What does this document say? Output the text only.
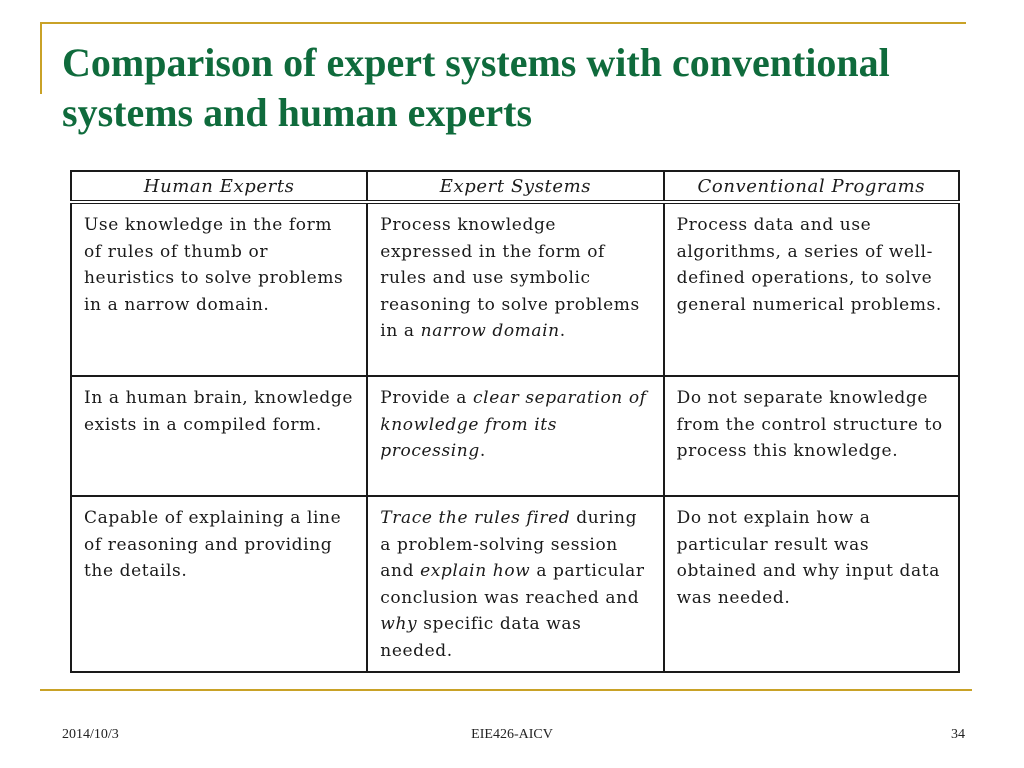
Comparison of expert systems with conventional systems and human experts
Human Experts	Expert Systems	Conventional Programs
Use knowledge in the form of rules of thumb or heuristics to solve problems in a narrow domain.	Process knowledge expressed in the form of rules and use symbolic reasoning to solve problems in a narrow domain.	Process data and use algorithms, a series of well-defined operations, to solve general numerical problems.
In a human brain, knowledge exists in a compiled form.	Provide a clear separation of knowledge from its processing.	Do not separate knowledge from the control structure to process this knowledge.
Capable of explaining a line of reasoning and providing the details.	Trace the rules fired during a problem-solving session and explain how a particular conclusion was reached and why specific data was needed.	Do not explain how a particular result was obtained and why input data was needed.
2014/10/3	EIE426-AICV	34
